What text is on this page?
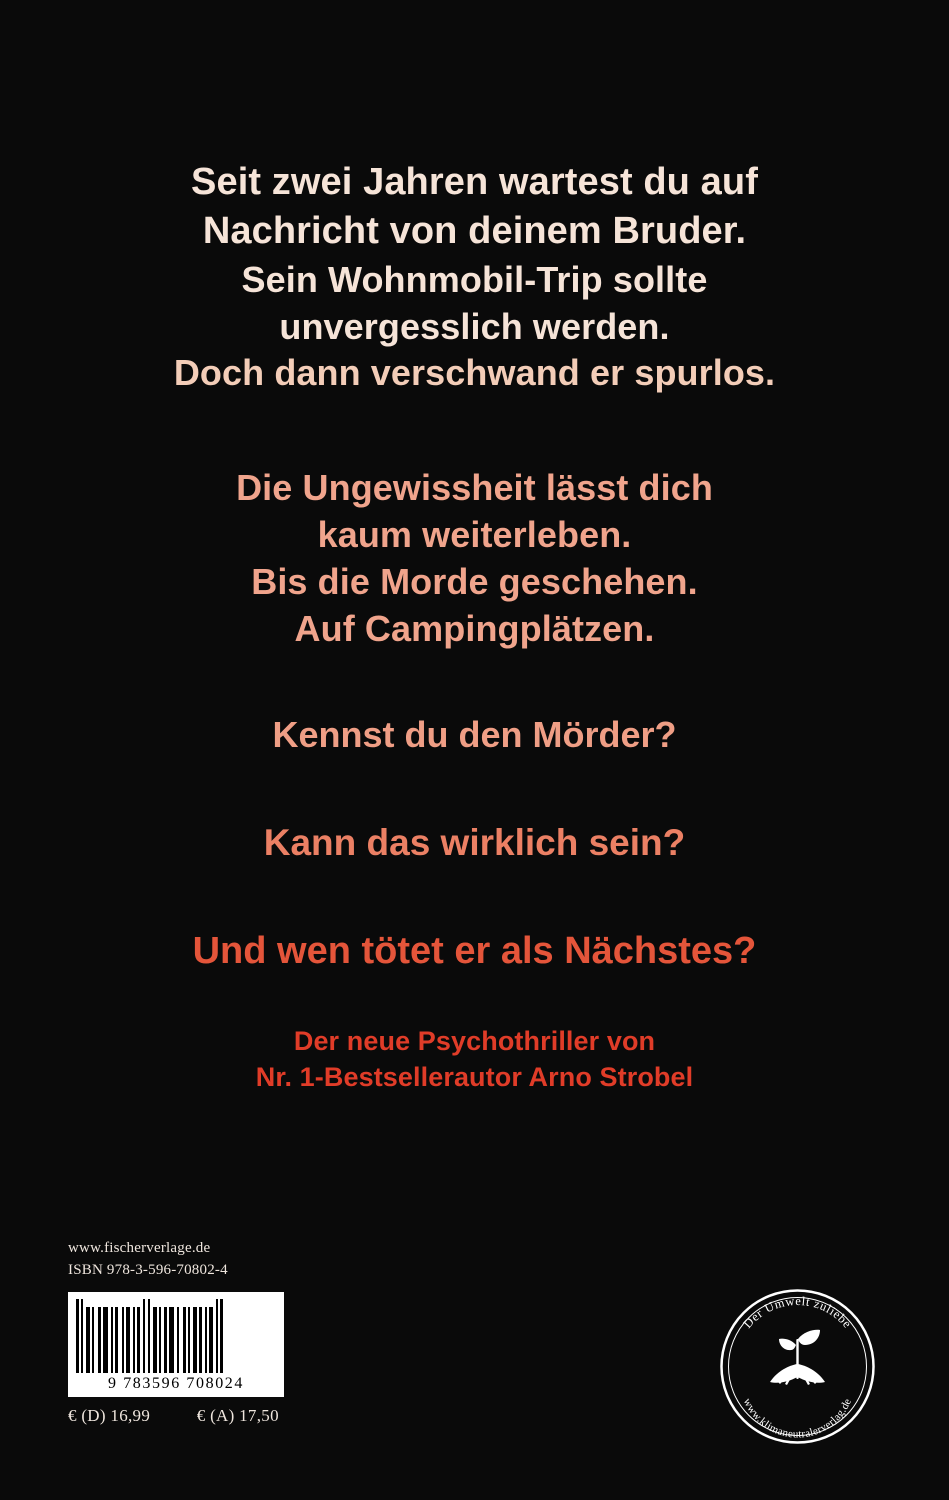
Seit zwei Jahren wartest du auf
Nachricht von deinem Bruder.
Sein Wohnmobil-Trip sollte
unvergesslich werden.
Doch dann verschwand er spurlos.
Die Ungewissheit lässt dich
kaum weiterleben.
Bis die Morde geschehen.
Auf Campingplätzen.
Kennst du den Mörder?
Kann das wirklich sein?
Und wen tötet er als Nächstes?
Der neue Psychothriller von
Nr. 1-Bestsellerautor Arno Strobel
www.fischerverlage.de
ISBN 978-3-596-70802-4
9 783596 708024
€ (D) 16,99	€ (A) 17,50
Der Umwelt zuliebe
www.klimaneutralerverlag.de
